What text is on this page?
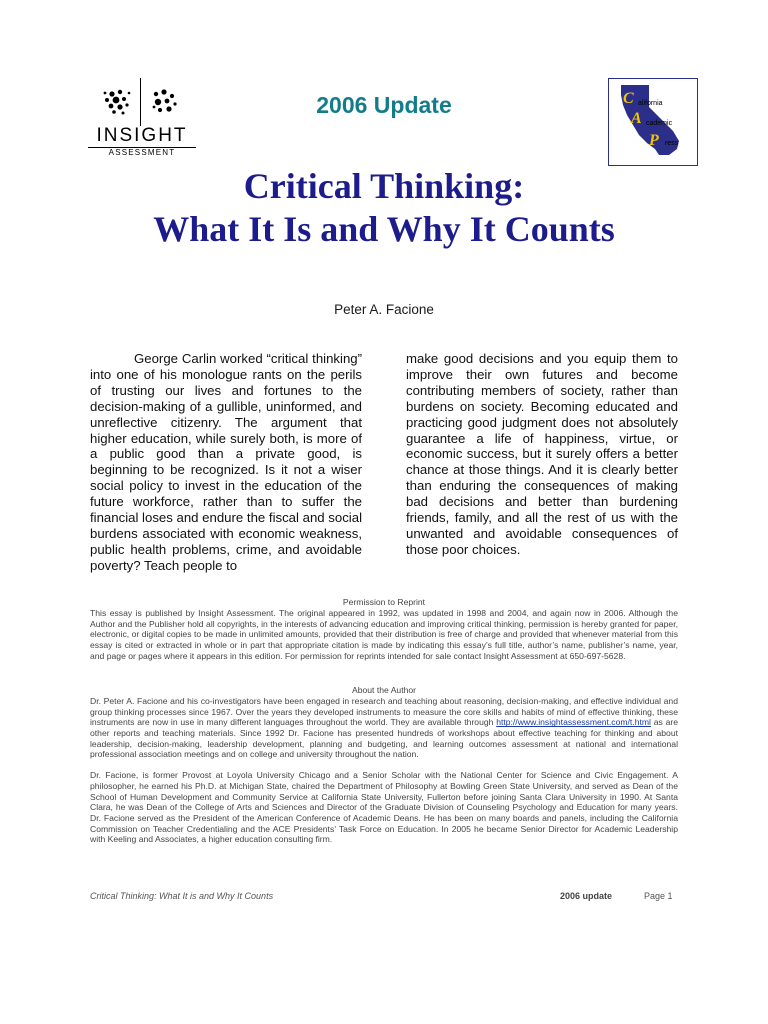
INSIGHT
ASSESSMENT
2006 Update	C
A
P
alifornia
cademic
ress
Critical Thinking:
What It Is and Why It Counts
Peter A. Facione

George Carlin worked “critical thinking” into one of his monologue rants on the perils of trusting our lives and fortunes to the decision-making of a gullible, uninformed, and unreflective citizenry. The argument that higher education, while surely both, is more of a public good than a private good, is beginning to be recognized. Is it not a wiser social policy to invest in the education of the future workforce, rather than to suffer the financial loses and endure the fiscal and social burdens associated with economic weakness, public health problems, crime, and avoidable poverty? Teach people to

make good decisions and you equip them to improve their own futures and become contributing members of society, rather than burdens on society. Becoming educated and practicing good judgment does not absolutely guarantee a life of happiness, virtue, or economic success, but it surely offers a better chance at those things. And it is clearly better than enduring the consequences of making bad decisions and better than burdening friends, family, and all the rest of us with the unwanted and avoidable consequences of those poor choices.

Permission to Reprint

This essay is published by Insight Assessment. The original appeared in 1992, was updated in 1998 and 2004, and again now in 2006. Although the Author and the Publisher hold all copyrights, in the interests of advancing education and improving critical thinking, permission is hereby granted for paper, electronic, or digital copies to be made in unlimited amounts, provided that their distribution is free of charge and provided that whenever material from this essay is cited or extracted in whole or in part that appropriate citation is made by indicating this essay’s full title, author’s name, publisher’s name, year, and page or pages where it appears in this edition. For permission for reprints intended for sale contact Insight Assessment at 650-697-5628.

About the Author

Dr. Peter A. Facione and his co-investigators have been engaged in research and teaching about reasoning, decision-making, and effective individual and group thinking processes since 1967. Over the years they developed instruments to measure the core skills and habits of mind of effective thinking, these instruments are now in use in many different languages throughout the world. They are available through http://www.insightassessment.com/t.html as are other reports and teaching materials. Since 1992 Dr. Facione has presented hundreds of workshops about effective teaching for thinking and about leadership, decision-making, leadership development, planning and budgeting, and learning outcomes assessment at national and international professional association meetings and on college and university throughout the nation.

Dr. Facione, is former Provost at Loyola University Chicago and a Senior Scholar with the National Center for Science and Civic Engagement. A philosopher, he earned his Ph.D. at Michigan State, chaired the Department of Philosophy at Bowling Green State University, and served as Dean of the School of Human Development and Community Service at California State University, Fullerton before joining Santa Clara University in 1990. At Santa Clara, he was Dean of the College of Arts and Sciences and Director of the Graduate Division of Counseling Psychology and Education for many years. Dr. Facione served as the President of the American Conference of Academic Deans. He has been on many boards and panels, including the California Commission on Teacher Credentialing and the ACE Presidents’ Task Force on Education. In 2005 he became Senior Director for Academic Leadership with Keeling and Associates, a higher education consulting firm.

Critical Thinking: What It is and Why It Counts	2006 update	Page 1
